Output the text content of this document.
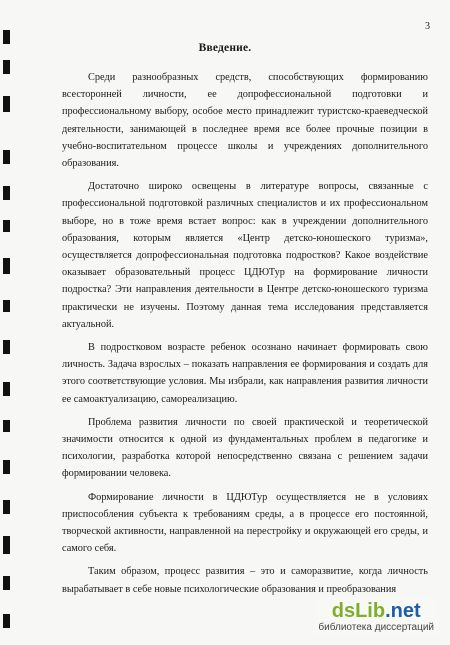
3
Введение.

Среди разнообразных средств, способствующих формированию всесторонней личности, ее допрофессиональной подготовки и профессиональному выбору, особое место принадлежит туристско-краеведческой деятельности, занимающей в последнее время все более прочные позиции в учебно-воспитательном процессе школы и учреждениях дополнительного образования.

Достаточно широко освещены в литературе вопросы, связанные с профессиональной подготовкой различных специалистов и их профессиональном выборе, но в тоже время встает вопрос: как в учреждении дополнительного образования, которым является «Центр детско-юношеского туризма», осуществляется допрофессиональная подготовка подростков? Какое воздействие оказывает образовательный процесс ЦДЮТур на формирование личности подростка? Эти направления деятельности в Центре детско-юношеского туризма практически не изучены. Поэтому данная тема исследования представляется актуальной.

В подростковом возрасте ребенок осознано начинает формировать свою личность. Задача взрослых – показать направления ее формирования и создать для этого соответствующие условия. Мы избрали, как направления развития личности ее самоактуализацию, самореализацию.

Проблема развития личности по своей практической и теоретической значимости относится к одной из фундаментальных проблем в педагогике и психологии, разработка которой непосредственно связана с решением задачи формировании человека.

Формирование личности в ЦДЮТур осуществляется не в условиях приспособления субъекта к требованиям среды, а в процессе его постоянной, творческой активности, направленной на перестройку и окружающей его среды, и самого себя.

Таким образом, процесс развития – это и саморазвитие, когда личность вырабатывает в себе новые психологические образования и преобразования

dsLib.net
библиотека диссертаций
